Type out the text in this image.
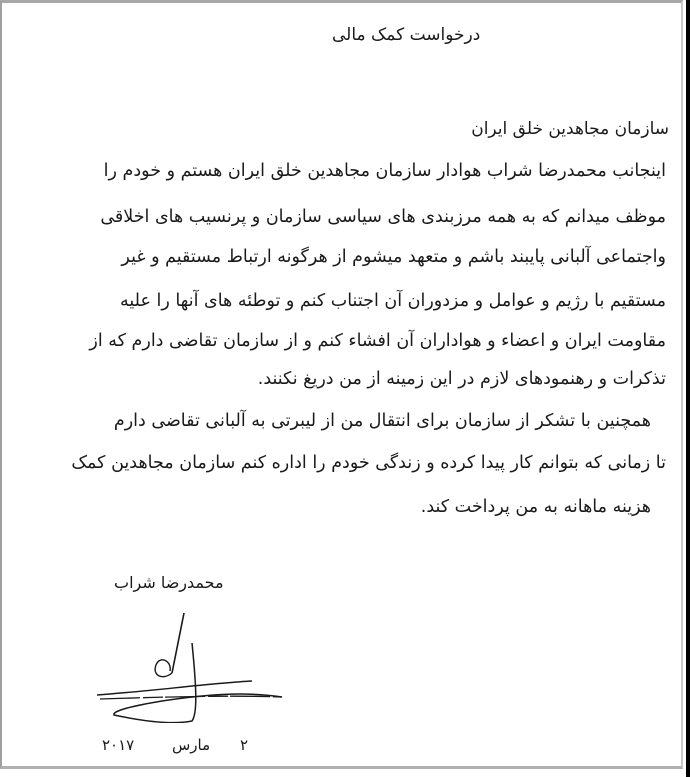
درخواست کمک مالی
سازمان مجاهدین خلق ایران
اینجانب محمدرضا شراب هوادار سازمان مجاهدین خلق ایران هستم و خودم را
موظف میدانم که به همه مرزبندی های سیاسی سازمان و پرنسیب های اخلاقی
واجتماعی آلبانی پایبند باشم و متعهد میشوم از هرگونه ارتباط مستقیم و غیر
مستقیم با رژیم و عوامل و مزدوران آن اجتناب کنم و توطئه های آنها را علیه
مقاومت ایران و اعضاء و هواداران آن افشاء کنم و از سازمان تقاضی دارم که از
تذکرات و رهنمودهای لازم در این زمینه از من دریغ نکنند.
همچنین با تشکر از سازمان برای انتقال من از لیبرتی به آلبانی تقاضی دارم
تا زمانی که بتوانم کار پیدا کرده و زندگی خودم را اداره کنم سازمان مجاهدین کمک
هزینه ماهانه به من پرداخت کند.
محمدرضا شراب
۲
مارس
۲۰۱۷
